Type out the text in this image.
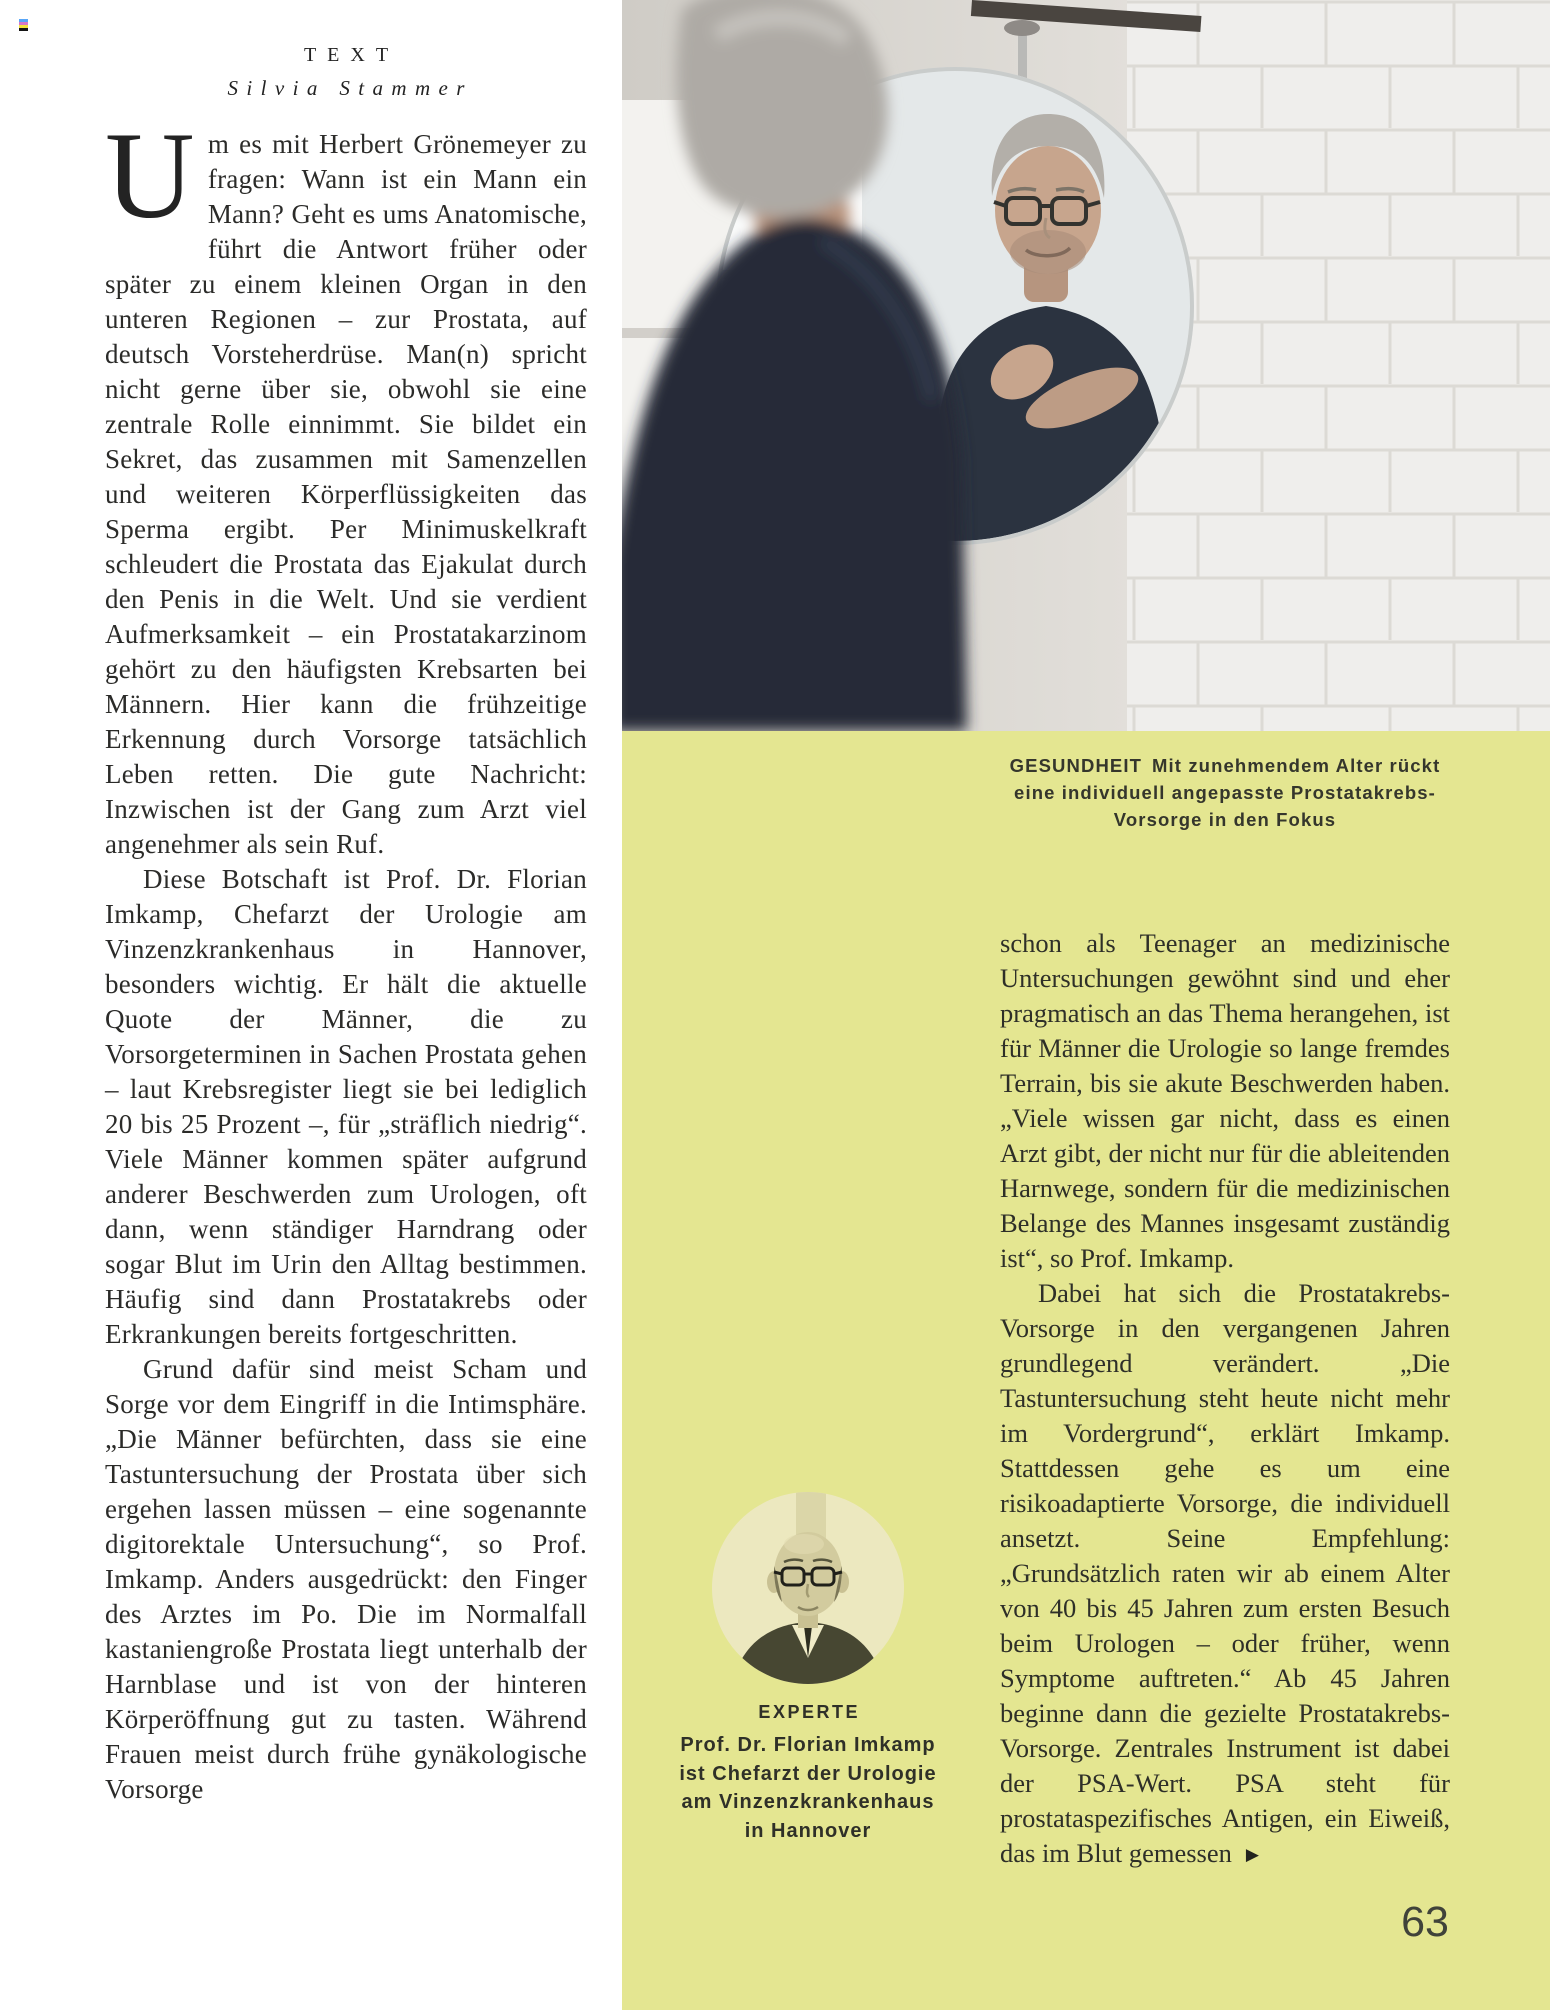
TEXT
Silvia Stammer

GESUNDHEIT Mit zunehmendem Alter rückt eine individuell angepasste Prostatakrebs-Vorsorge in den Fokus

Um es mit Herbert Grönemeyer zu fragen: Wann ist ein Mann ein Mann? Geht es ums Anatomische, führt die Antwort früher oder später zu einem kleinen Organ in den unteren Regionen – zur Prostata, auf deutsch Vorsteherdrüse. Man(n) spricht nicht gerne über sie, obwohl sie eine zentrale Rolle einnimmt. Sie bildet ein Sekret, das zusammen mit Samenzellen und weiteren Körperflüssigkeiten das Sperma ergibt. Per Minimuskelkraft schleudert die Prostata das Ejakulat durch den Penis in die Welt. Und sie verdient Aufmerksamkeit – ein Prostatakarzinom gehört zu den häufigsten Krebsarten bei Männern. Hier kann die frühzeitige Erkennung durch Vorsorge tatsächlich Leben retten. Die gute Nachricht: Inzwischen ist der Gang zum Arzt viel angenehmer als sein Ruf.

Diese Botschaft ist Prof. Dr. Florian Imkamp, Chefarzt der Urologie am Vinzenzkrankenhaus in Hannover, besonders wichtig. Er hält die aktuelle Quote der Männer, die zu Vorsorgeterminen in Sachen Prostata gehen – laut Krebsregister liegt sie bei lediglich 20 bis 25 Prozent –, für „sträflich niedrig“. Viele Männer kommen später aufgrund anderer Beschwerden zum Urologen, oft dann, wenn ständiger Harndrang oder sogar Blut im Urin den Alltag bestimmen. Häufig sind dann Prostatakrebs oder Erkrankungen bereits fortgeschritten.

Grund dafür sind meist Scham und Sorge vor dem Eingriff in die Intimsphäre. „Die Männer befürchten, dass sie eine Tastuntersuchung der Prostata über sich ergehen lassen müssen – eine sogenannte digitorektale Untersuchung“, so Prof. Imkamp. Anders ausgedrückt: den Finger des Arztes im Po. Die im Normalfall kastaniengroße Prostata liegt unterhalb der Harnblase und ist von der hinteren Körperöffnung gut zu tasten. Während Frauen meist durch frühe gynäkologische Vorsorge

schon als Teenager an medizinische Untersuchungen gewöhnt sind und eher pragmatisch an das Thema herangehen, ist für Männer die Urologie so lange fremdes Terrain, bis sie akute Beschwerden haben. „Viele wissen gar nicht, dass es einen Arzt gibt, der nicht nur für die ableitenden Harnwege, sondern für die medizinischen Belange des Mannes insgesamt zuständig ist“, so Prof. Imkamp.

Dabei hat sich die Prostatakrebs-Vorsorge in den vergangenen Jahren grundlegend verändert. „Die Tastuntersuchung steht heute nicht mehr im Vordergrund“, erklärt Imkamp. Stattdessen gehe es um eine risikoadaptierte Vorsorge, die individuell ansetzt. Seine Empfehlung: „Grundsätzlich raten wir ab einem Alter von 40 bis 45 Jahren zum ersten Besuch beim Urologen – oder früher, wenn Symptome auftreten.“ Ab 45 Jahren beginne dann die gezielte Prostatakrebs-Vorsorge. Zentrales Instrument ist dabei der PSA-Wert. PSA steht für prostataspezifisches Antigen, ein Eiweiß, das im Blut gemessen ▶

EXPERTE
Prof. Dr. Florian Imkamp
ist Chefarzt der Urologie
am Vinzenzkrankenhaus
in Hannover
63
